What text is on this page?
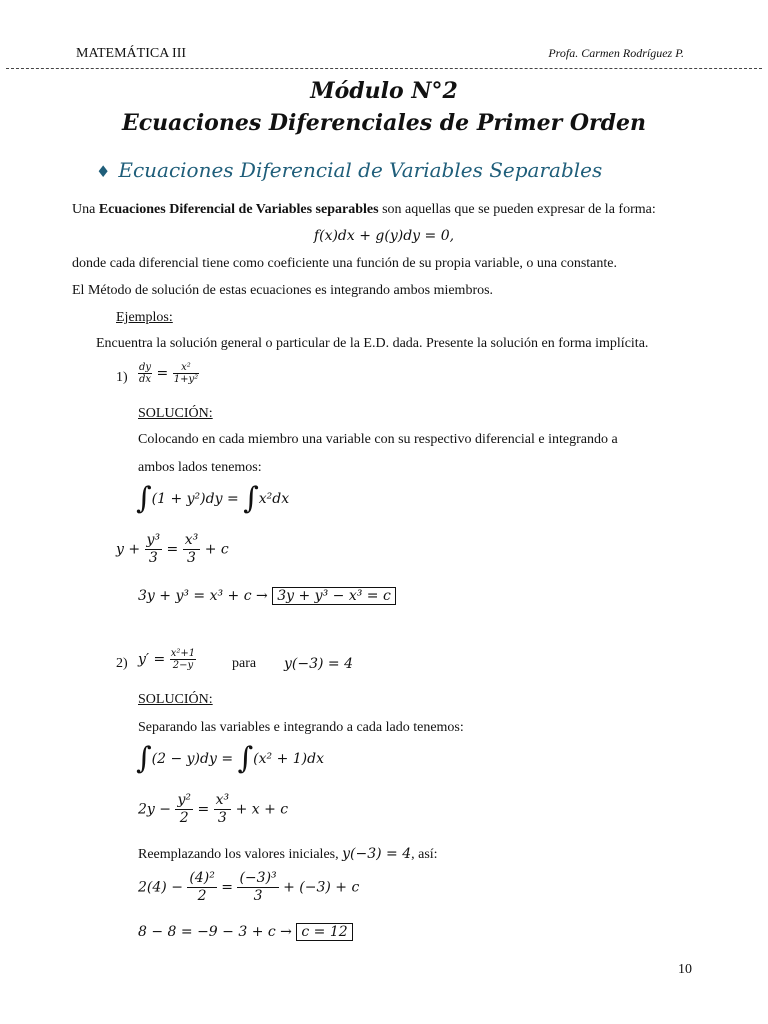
MATEMÁTICA III	Profa. Carmen Rodríguez P.
Módulo N°2
Ecuaciones Diferenciales de Primer Orden
♦ Ecuaciones Diferencial de Variables Separables
Una Ecuaciones Diferencial de Variables separables son aquellas que se pueden expresar de la forma:
f(x)dx + g(y)dy = 0,
donde cada diferencial tiene como coeficiente una función de su propia variable, o una constante.
El Método de solución de estas ecuaciones es integrando ambos miembros.
Ejemplos:
Encuentra la solución general o particular de la E.D. dada. Presente la solución en forma implícita.
$1) \frac{dy}{dx} = \frac{\text{x²}}{\text{1+y²}}$
SOLUCIÓN:
Colocando en cada miembro una variable con su respectivo diferencial e integrando a
ambos lados tenemos:
∫(1 + y²)dy = ∫x²dx
$y + \frac{\text{y³}}{3} = \frac{\text{x³}}{3} + c$
3y + y³ = x³ + c → 3y + y³ − x³ = c
2) $y' = \frac{\text{x²+1}}{2-y}$	para y(−3) = 4
SOLUCIÓN:
Separando las variables e integrando a cada lado tenemos:
∫(2 − y)dy = ∫(x² + 1)dx
$2y - \frac{\text{y²}}{2} = \frac{\text{x³}}{3} + x + c$
Reemplazando los valores iniciales, y(−3) = 4, así:
$2(4) - \frac{\text{(4)²}}{2} = \frac{\text{(−3)³}}{3} + (-3) + c$
8 − 8 = −9 − 3 + c → c = 12
10
